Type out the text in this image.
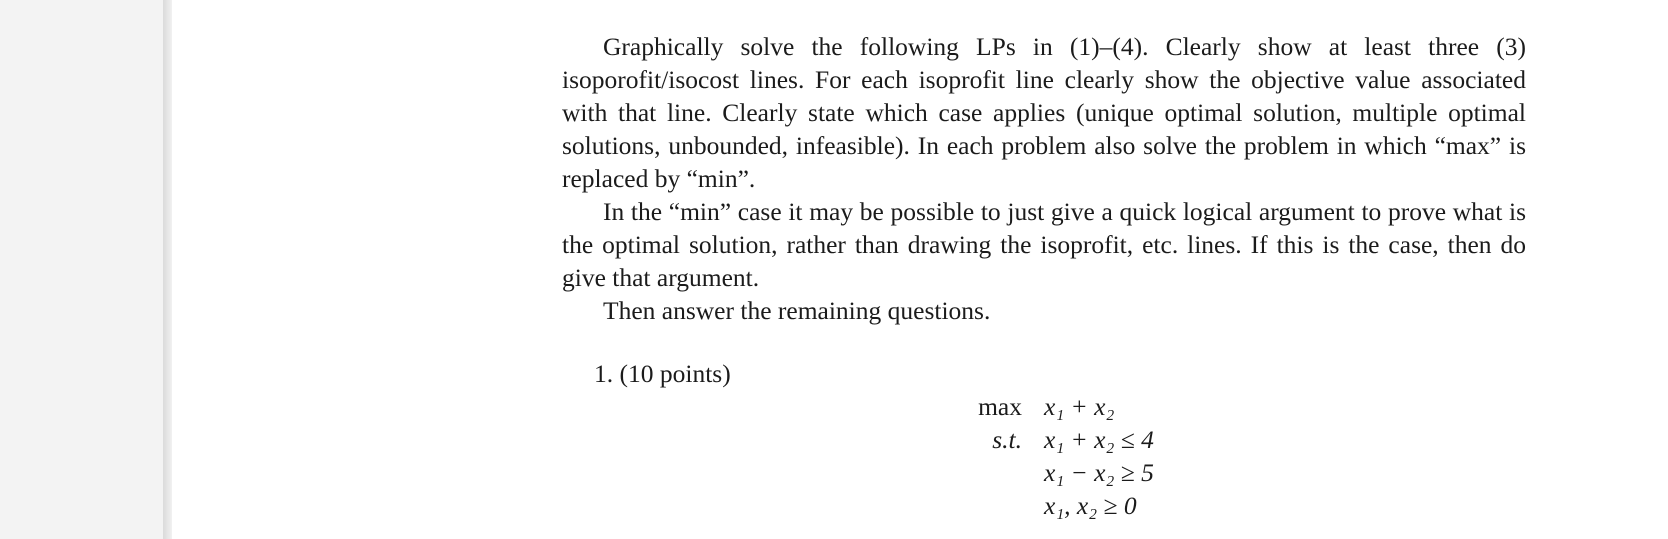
Graphically solve the following LPs in (1)–(4). Clearly show at least three (3) isoporofit/isocost lines. For each isoprofit line clearly show the objective value associated with that line. Clearly state which case applies (unique optimal solution, multiple optimal solutions, unbounded, infeasible). In each problem also solve the problem in which “max” is replaced by “min”.

In the “min” case it may be possible to just give a quick logical argument to prove what is the optimal solution, rather than drawing the isoprofit, etc. lines. If this is the case, then do give that argument.

Then answer the remaining questions.

1. (10 points)
max x₁ + x₂
s.t. x₁ + x₂ ≤ 4
x₁ − x₂ ≥ 5
x₁, x₂ ≥ 0
